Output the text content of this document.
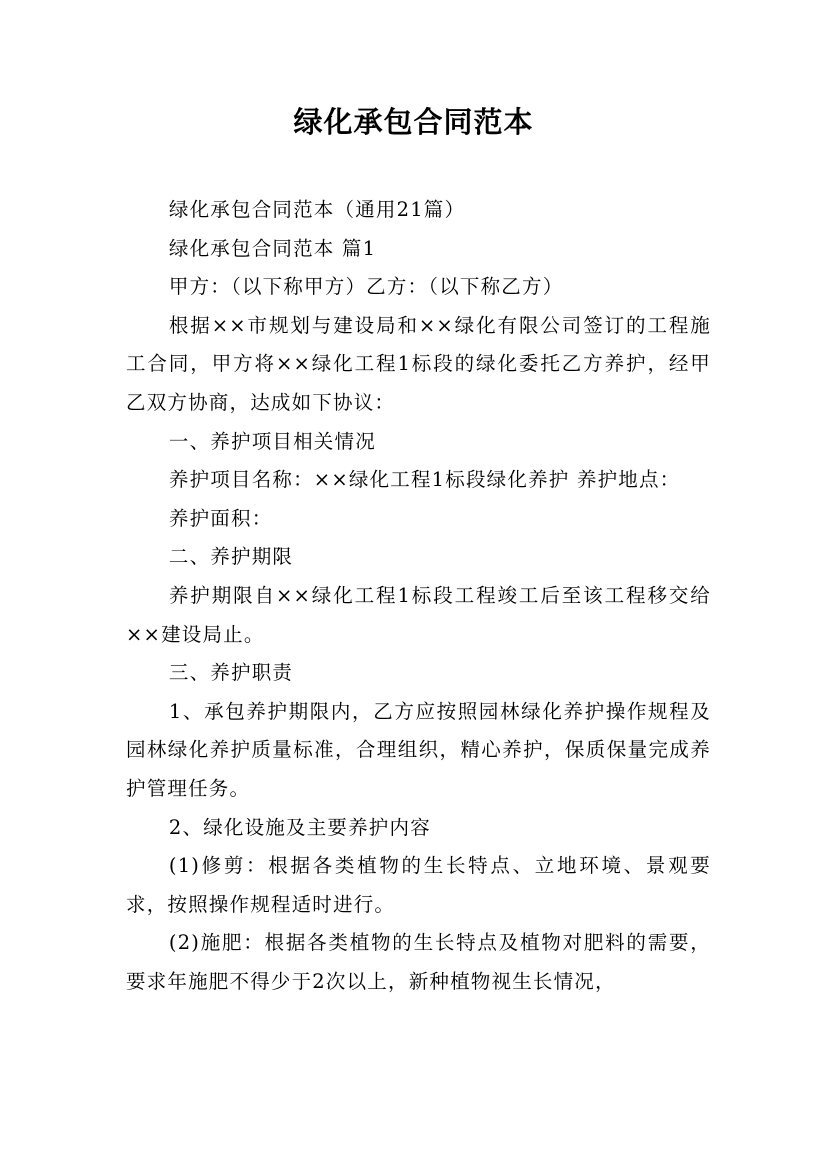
绿化承包合同范本

绿化承包合同范本（通用21篇）

绿化承包合同范本 篇1

甲方：（以下称甲方）乙方：（以下称乙方）

根据××市规划与建设局和××绿化有限公司签订的工程施工合同，甲方将××绿化工程1标段的绿化委托乙方养护，经甲乙双方协商，达成如下协议：

一、养护项目相关情况

养护项目名称：××绿化工程1标段绿化养护 养护地点：

养护面积：

二、养护期限

养护期限自××绿化工程1标段工程竣工后至该工程移交给××建设局止。

三、养护职责

1、承包养护期限内，乙方应按照园林绿化养护操作规程及园林绿化养护质量标准，合理组织，精心养护，保质保量完成养护管理任务。

2、绿化设施及主要养护内容

(1)修剪：根据各类植物的生长特点、立地环境、景观要求，按照操作规程适时进行。

(2)施肥：根据各类植物的生长特点及植物对肥料的需要，要求年施肥不得少于2次以上，新种植物视生长情况，
